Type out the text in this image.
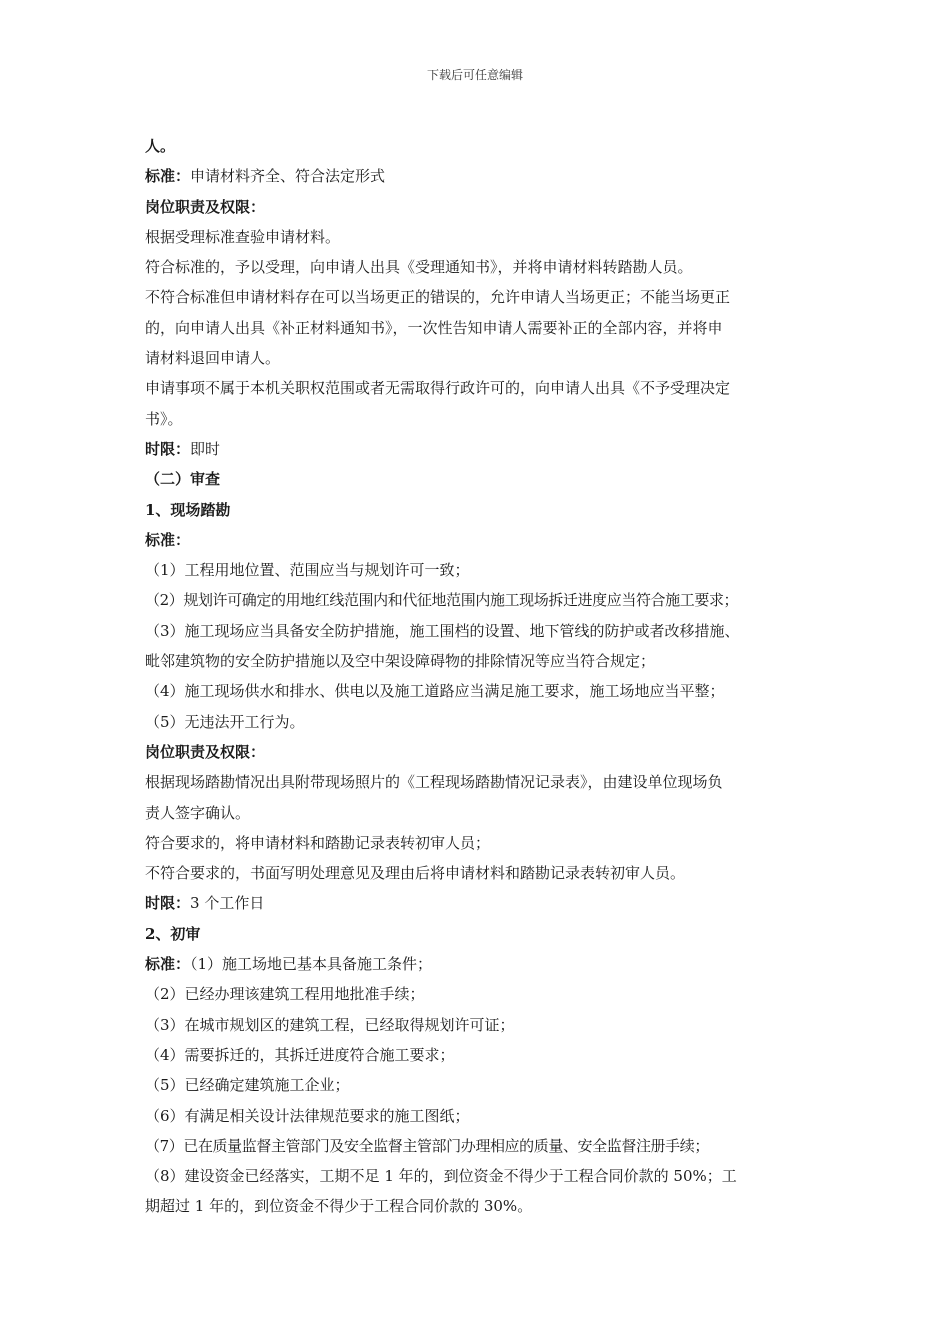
下载后可任意编辑
人。
标准：申请材料齐全、符合法定形式
岗位职责及权限：
根据受理标准查验申请材料。
符合标准的，予以受理，向申请人出具《受理通知书》，并将申请材料转踏勘人员。
不符合标准但申请材料存在可以当场更正的错误的，允许申请人当场更正；不能当场更正
的，向申请人出具《补正材料通知书》，一次性告知申请人需要补正的全部内容，并将申
请材料退回申请人。
申请事项不属于本机关职权范围或者无需取得行政许可的，向申请人出具《不予受理决定
书》。
时限：即时
（二）审查
1、现场踏勘
标准：
（1）工程用地位置、范围应当与规划许可一致；
（2）规划许可确定的用地红线范围内和代征地范围内施工现场拆迁进度应当符合施工要求；
（3）施工现场应当具备安全防护措施，施工围档的设置、地下管线的防护或者改移措施、
毗邻建筑物的安全防护措施以及空中架设障碍物的排除情况等应当符合规定；
（4）施工现场供水和排水、供电以及施工道路应当满足施工要求，施工场地应当平整；
（5）无违法开工行为。
岗位职责及权限：
根据现场踏勘情况出具附带现场照片的《工程现场踏勘情况记录表》，由建设单位现场负
责人签字确认。
符合要求的，将申请材料和踏勘记录表转初审人员；
不符合要求的，书面写明处理意见及理由后将申请材料和踏勘记录表转初审人员。
时限：3 个工作日
2、初审
标准：（1）施工场地已基本具备施工条件；
（2）已经办理该建筑工程用地批准手续；
（3）在城市规划区的建筑工程，已经取得规划许可证；
（4）需要拆迁的，其拆迁进度符合施工要求；
（5）已经确定建筑施工企业；
（6）有满足相关设计法律规范要求的施工图纸；
（7）已在质量监督主管部门及安全监督主管部门办理相应的质量、安全监督注册手续；
（8）建设资金已经落实，工期不足 1 年的，到位资金不得少于工程合同价款的 50%；工
期超过 1 年的，到位资金不得少于工程合同价款的 30%。
